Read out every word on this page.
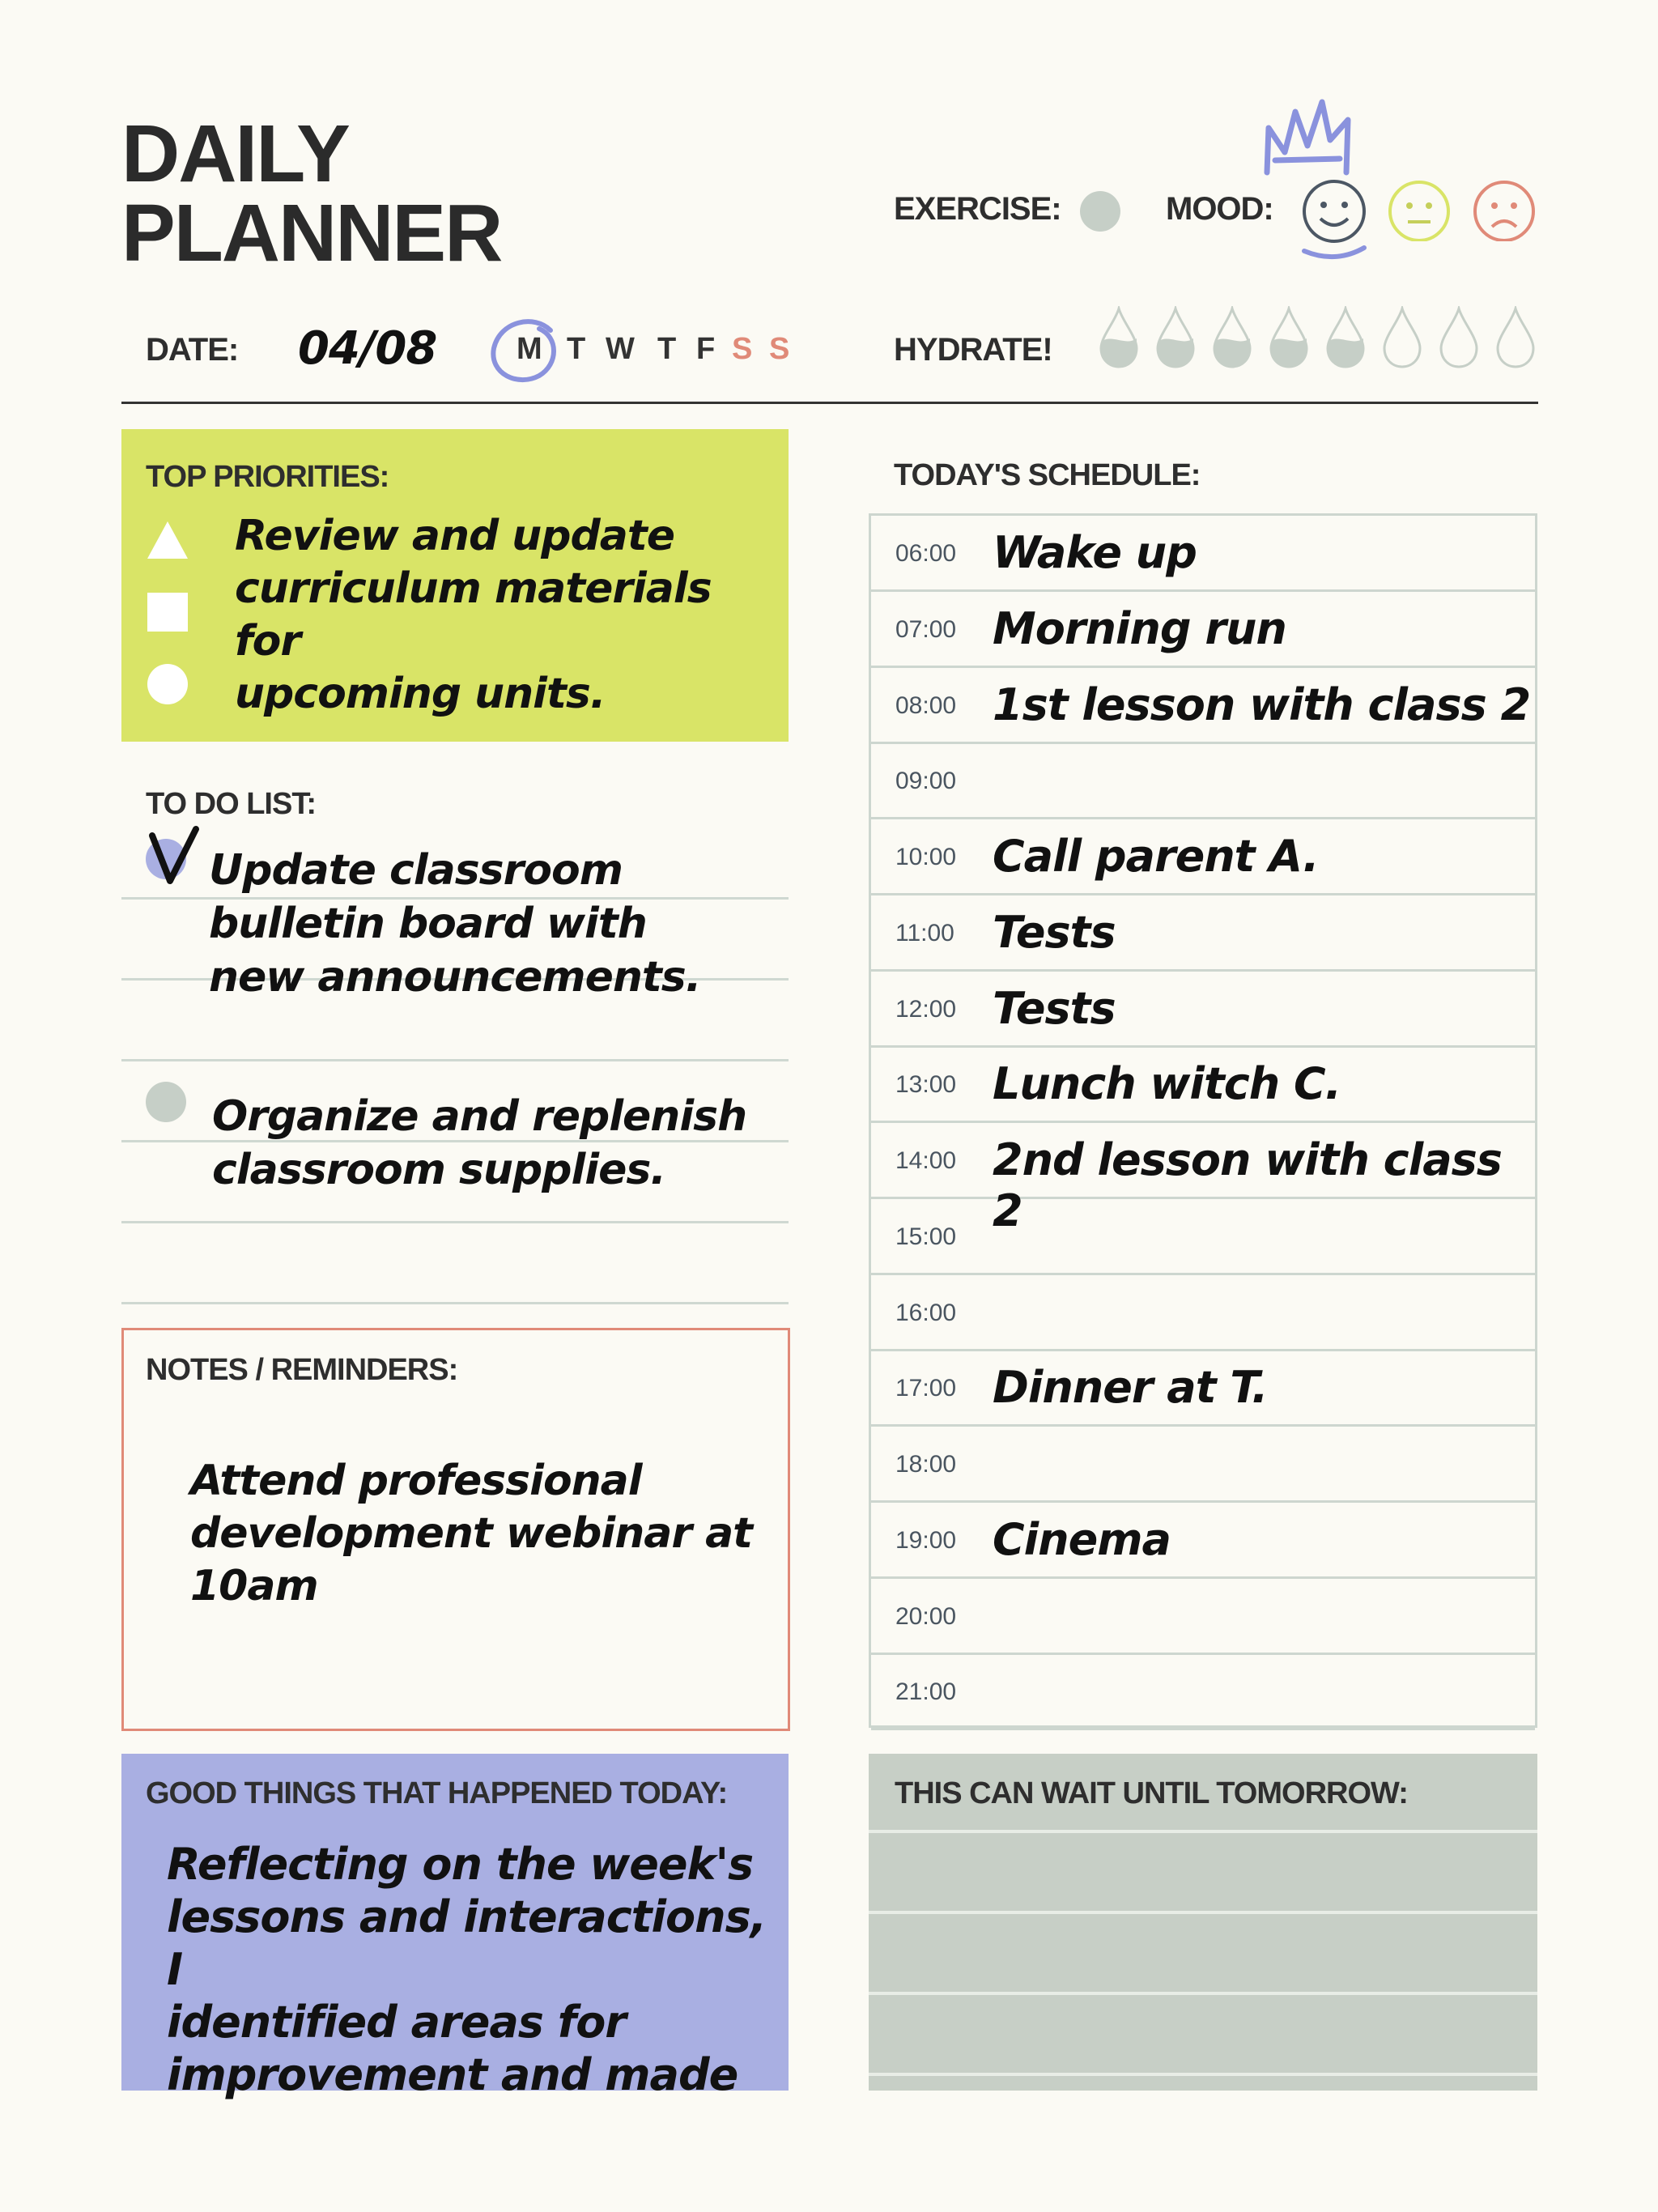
DAILY
PLANNER	EXERCISE:	MOOD:
DATE: 04/08	M T W T F S S	HYDRATE!
TOP PRIORITIES:
Review and update
curriculum materials for
upcoming units.
TO DO LIST:
Update classroom
bulletin board with
new announcements.
Organize and replenish
classroom supplies.
NOTES / REMINDERS:
Attend professional
development webinar at
10am
GOOD THINGS THAT HAPPENED TODAY:
Reflecting on the week's
lessons and interactions, I
identified areas for
improvement and made
TODAY'S SCHEDULE:
06:00 Wake up
07:00 Morning run
08:00 1st lesson with class 2
09:00
10:00 Call parent A.
11:00 Tests
12:00 Tests
13:00 Lunch witch C.
14:00 2nd lesson with class 2
15:00
16:00
17:00 Dinner at T.
18:00
19:00 Cinema
20:00
21:00
THIS CAN WAIT UNTIL TOMORROW:
